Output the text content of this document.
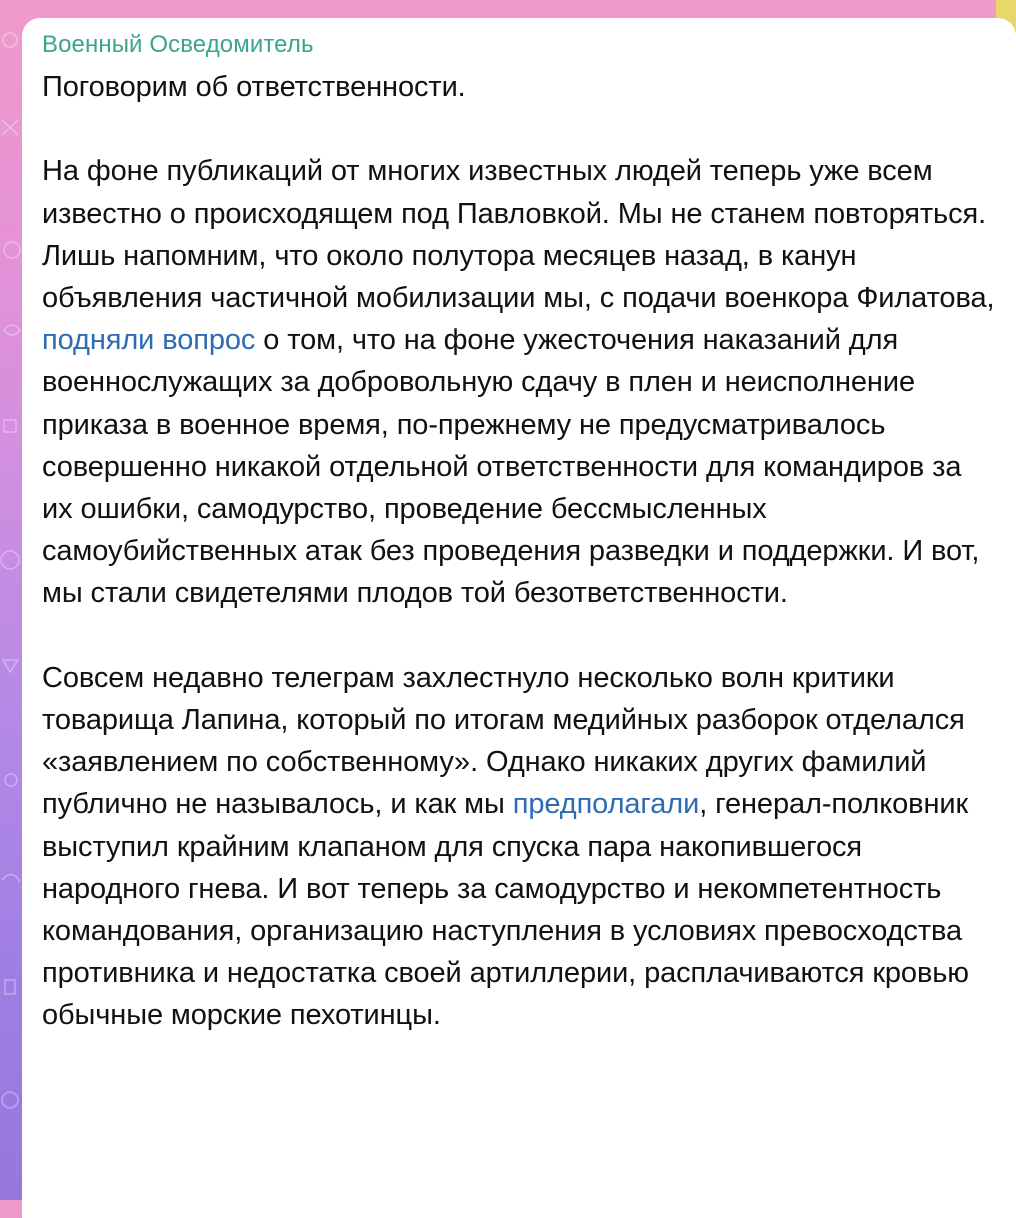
Военный Осведомитель

Поговорим об ответственности.

На фоне публикаций от многих известных людей теперь уже всем известно о происходящем под Павловкой. Мы не станем повторяться. Лишь напомним, что около полутора месяцев назад, в канун объявления частичной мобилизации мы, с подачи военкора Филатова, подняли вопрос о том, что на фоне ужесточения наказаний для военнослужащих за добровольную сдачу в плен и неисполнение приказа в военное время, по-прежнему не предусматривалось совершенно никакой отдельной ответственности для командиров за их ошибки, самодурство, проведение бессмысленных самоубийственных атак без проведения разведки и поддержки. И вот, мы стали свидетелями плодов той безответственности.

Совсем недавно телеграм захлестнуло несколько волн критики товарища Лапина, который по итогам медийных разборок отделался «заявлением по собственному». Однако никаких других фамилий публично не называлось, и как мы предполагали, генерал-полковник выступил крайним клапаном для спуска пара накопившегося народного гнева. И вот теперь за самодурство и некомпетентность командования, организацию наступления в условиях превосходства противника и недостатка своей артиллерии, расплачиваются кровью обычные морские пехотинцы.
